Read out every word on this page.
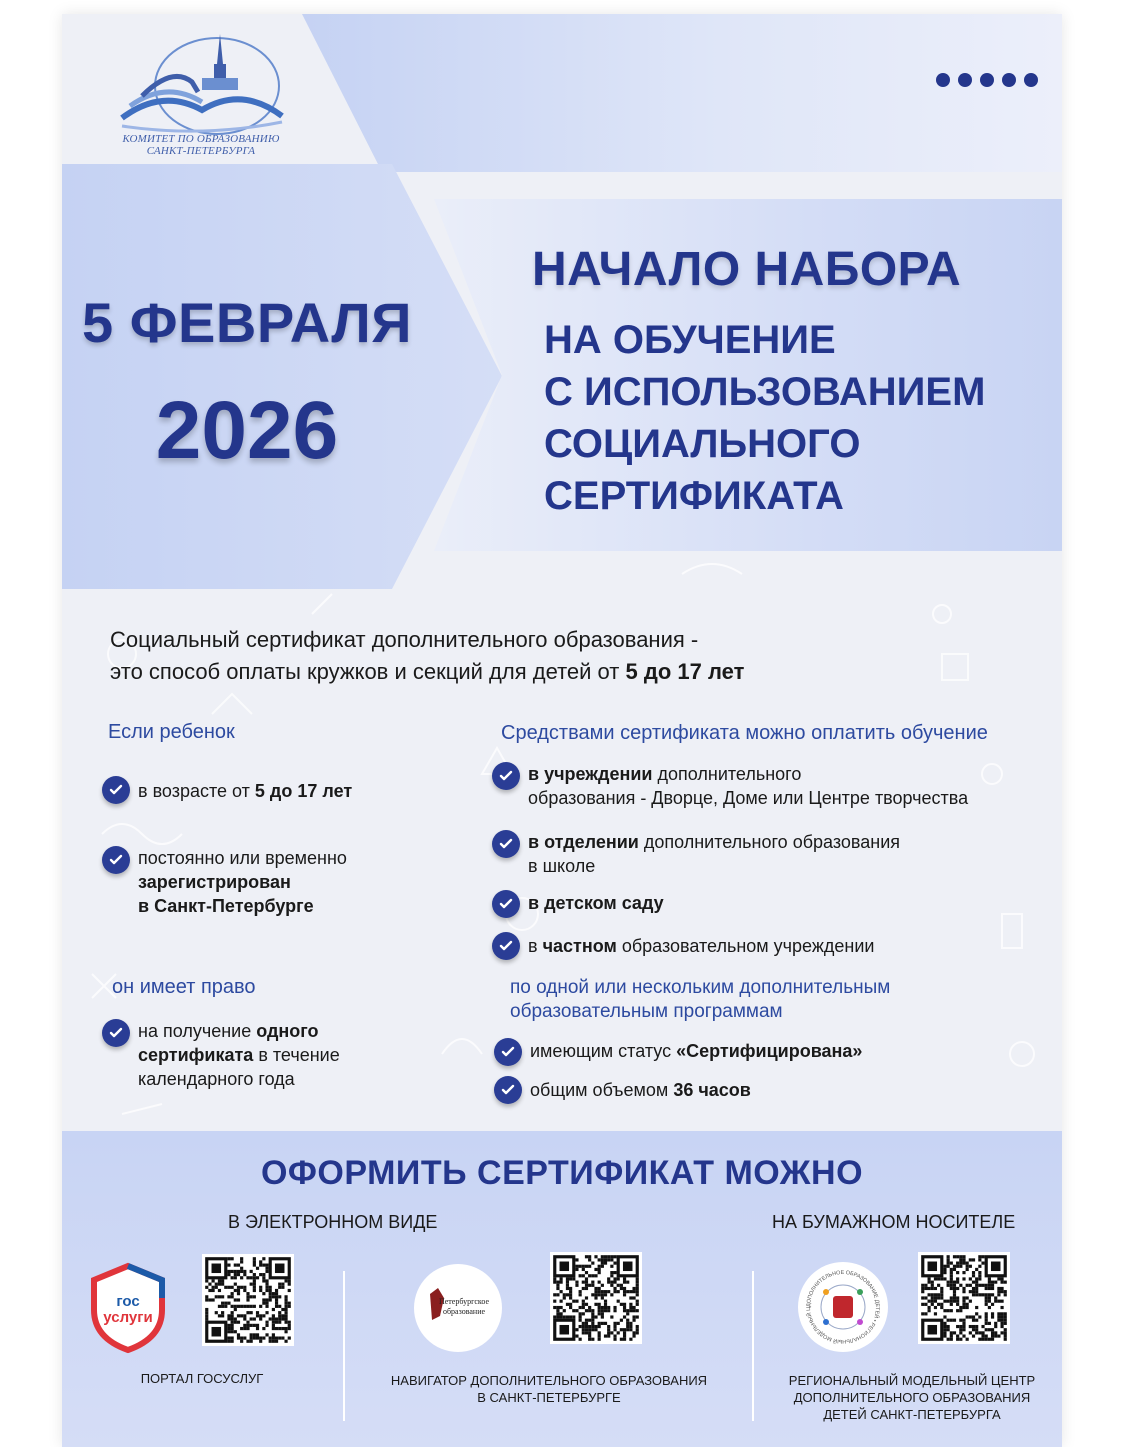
КОМИТЕТ ПО ОБРАЗОВАНИЮ
САНКТ-ПЕТЕРБУРГА
5 ФЕВРАЛЯ
2026
НАЧАЛО НАБОРА
НА ОБУЧЕНИЕ
С ИСПОЛЬЗОВАНИЕМ
СОЦИАЛЬНОГО
СЕРТИФИКАТА
Социальный сертификат дополнительного образования -
это способ оплаты кружков и секций для детей от 5 до 17 лет
Если ребенок
в возрасте от 5 до 17 лет
постоянно или временно
зарегистрирован
в Санкт-Петербурге
он имеет право
на получение одного
сертификата в течение
календарного года
Средствами сертификата можно оплатить обучение
в учреждении дополнительного
образования - Дворце, Доме или Центре творчества
в отделении дополнительного образования
в школе
в детском саду
в частном образовательном учреждении
по одной или нескольким дополнительным
образовательным программам
имеющим статус «Сертифицирована»
общим объемом 36 часов
ОФОРМИТЬ СЕРТИФИКАТ МОЖНО
В ЭЛЕКТРОННОМ ВИДЕ	НА БУМАЖНОМ НОСИТЕЛЕ
гос
услуги
ПОРТАЛ ГОСУСЛУГ
Петербургское
образование
НАВИГАТОР ДОПОЛНИТЕЛЬНОГО ОБРАЗОВАНИЯ
В САНКТ-ПЕТЕРБУРГЕ
ДОПОЛНИТЕЛЬНОЕ ОБРАЗОВАНИЕ ДЕТЕЙ • РЕГИОНАЛЬНЫЙ МОДЕЛЬНЫЙ Ц
РЕГИОНАЛЬНЫЙ МОДЕЛЬНЫЙ ЦЕНТР
ДОПОЛНИТЕЛЬНОГО ОБРАЗОВАНИЯ
ДЕТЕЙ САНКТ-ПЕТЕРБУРГА
